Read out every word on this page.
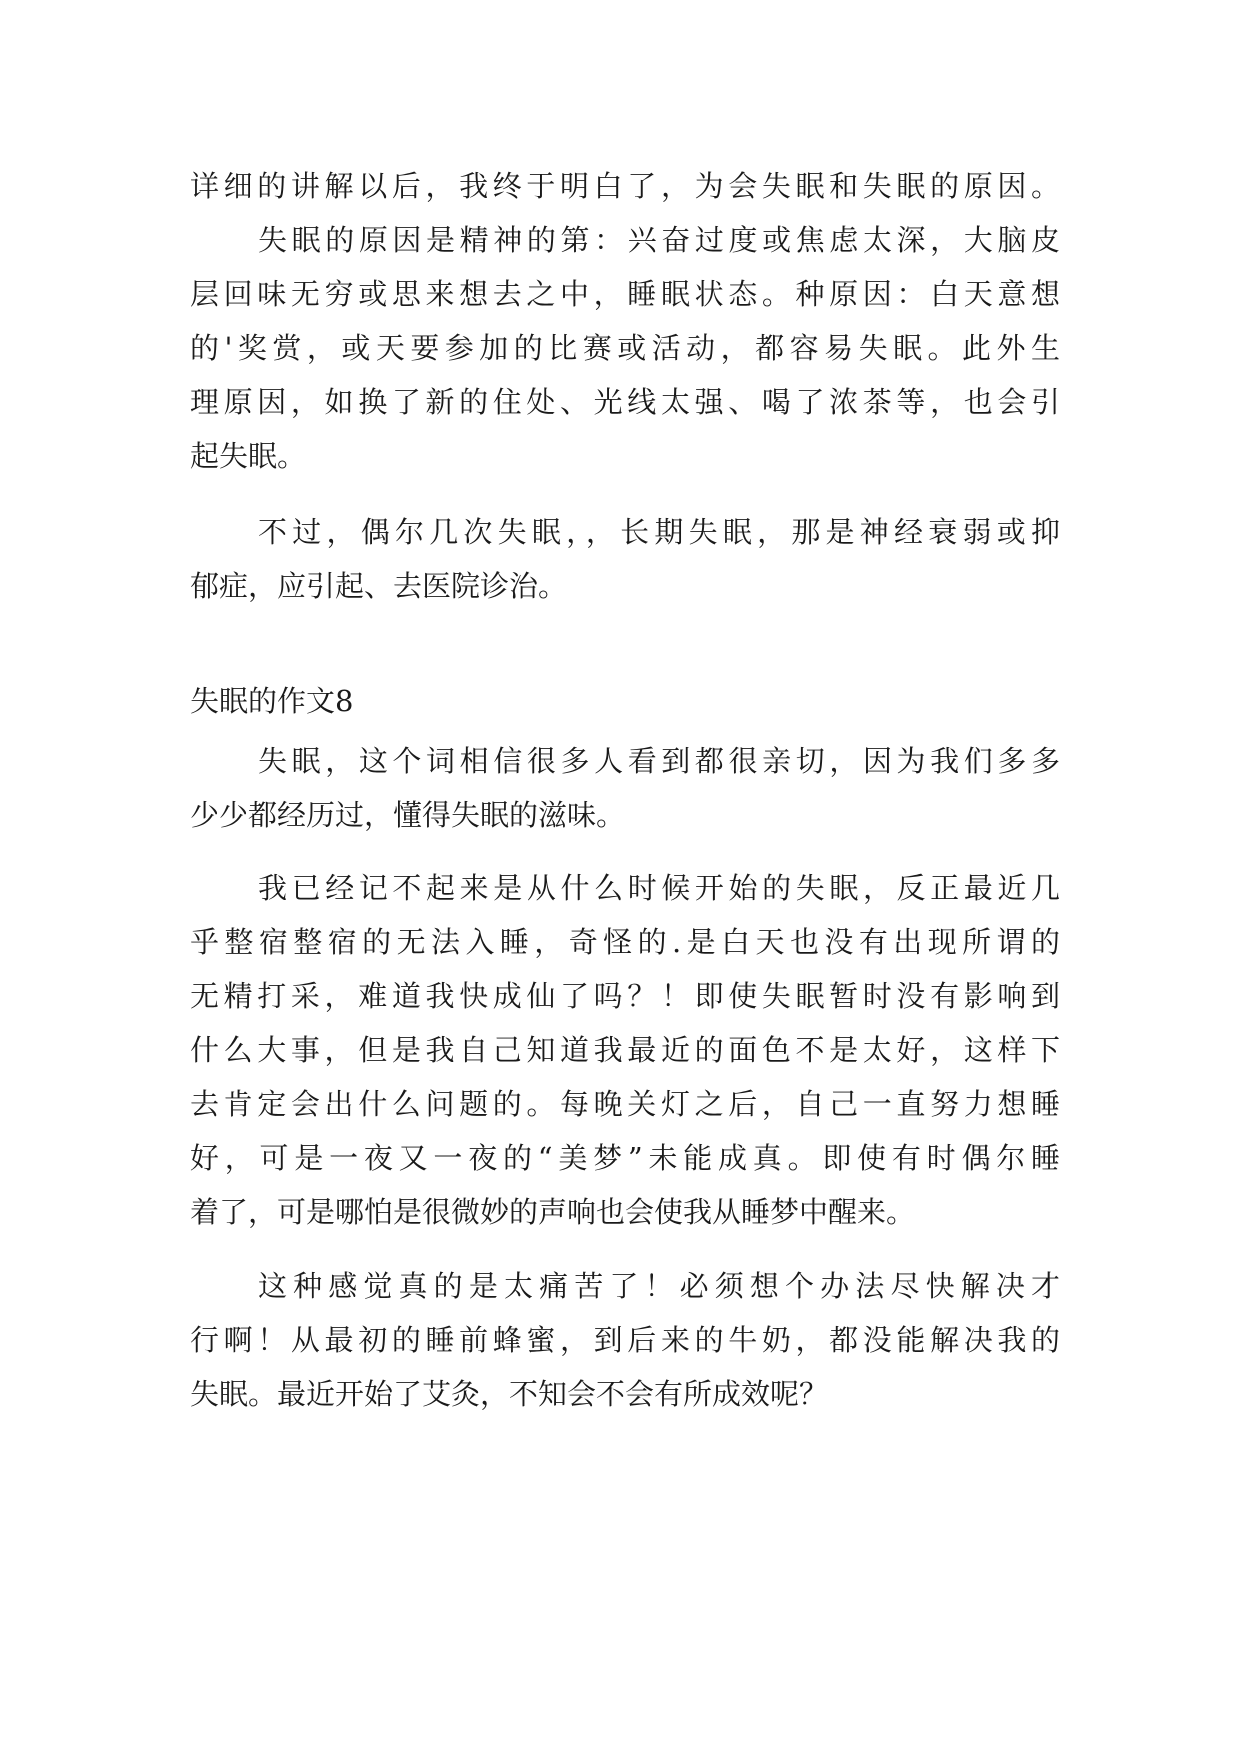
详细的讲解以后，我终于明白了，为会失眠和失眠的原因。
失眠的原因是精神的第：兴奋过度或焦虑太深，大脑皮
层回味无穷或思来想去之中，睡眠状态。种原因：白天意想
的'奖赏，或天要参加的比赛或活动，都容易失眠。此外生
理原因，如换了新的住处、光线太强、喝了浓茶等，也会引
起失眠。
不过，偶尔几次失眠，，长期失眠，那是神经衰弱或抑
郁症，应引起、去医院诊治。
失眠的作文8
失眠，这个词相信很多人看到都很亲切，因为我们多多
少少都经历过，懂得失眠的滋味。
我已经记不起来是从什么时候开始的失眠，反正最近几
乎整宿整宿的无法入睡，奇怪的.是白天也没有出现所谓的
无精打采，难道我快成仙了吗？！即使失眠暂时没有影响到
什么大事，但是我自己知道我最近的面色不是太好，这样下
去肯定会出什么问题的。每晚关灯之后，自己一直努力想睡
好，可是一夜又一夜的“美梦”未能成真。即使有时偶尔睡
着了，可是哪怕是很微妙的声响也会使我从睡梦中醒来。
这种感觉真的是太痛苦了！必须想个办法尽快解决才
行啊！从最初的睡前蜂蜜，到后来的牛奶，都没能解决我的
失眠。最近开始了艾灸，不知会不会有所成效呢？
